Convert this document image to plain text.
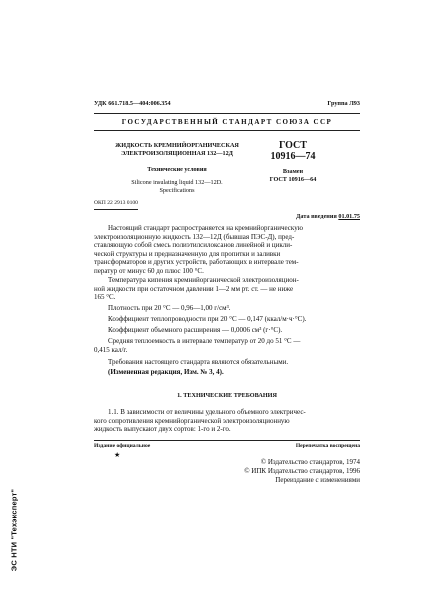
УДК 661.718.5—404:006.354	Группа Л93
ГОСУДАРСТВЕННЫЙ СТАНДАРТ СОЮЗА ССР
ЖИДКОСТЬ КРЕМНИЙОРГАНИЧЕСКАЯ
ЭЛЕКТРОИЗОЛЯЦИОННАЯ 132—12Д
Технические условия
Silicone insulating liquid 132—12D.
Specifications
ГОСТ
10916—74
Взамен
ГОСТ 10916—64
ОКП 22 2913 0100
Дата введения 01.01.75
Настоящий стандарт распространяется на кремнийорганическую
электроизоляционную жидкость 132—12Д (бывшая ПЭС-Д), пред-
ставляющую собой смесь полиэтилсилоксанов линейной и цикли-
ческой структуры и предназначенную для пропитки и заливки
трансформаторов и других устройств, работающих в интервале тем-
ператур от минус 60 до плюс 100 °С.
Температура кипения кремнийорганической электроизоляцион-
ной жидкости при остаточном давлении 1—2 мм рт. ст. — не ниже
165 °С.
Плотность при 20 °С — 0,96—1,00 г/см³.
Коэффициент теплопроводности при 20 °С — 0,147 (ккал/м·ч·°С).
Коэффициент объемного расширения — 0,0006 см³ (г·°С).
Средняя теплоемкость в интервале температур от 20 до 51 °С —
0,415 кал/г.
Требования настоящего стандарта являются обязательными.
(Измененная редакция, Изм. № 3, 4).
1. ТЕХНИЧЕСКИЕ ТРЕБОВАНИЯ
1.1. В зависимости от величины удельного объемного электричес-
кого сопротивления кремнийорганической электроизоляционную
жидкость выпускают двух сортов: 1-го и 2-го.
Издание официальное	Перепечатка воспрещена
★
© Издательство стандартов, 1974
© ИПК Издательство стандартов, 1996
Переиздание с изменениями
ЭС НТИ "Техэксперт"
